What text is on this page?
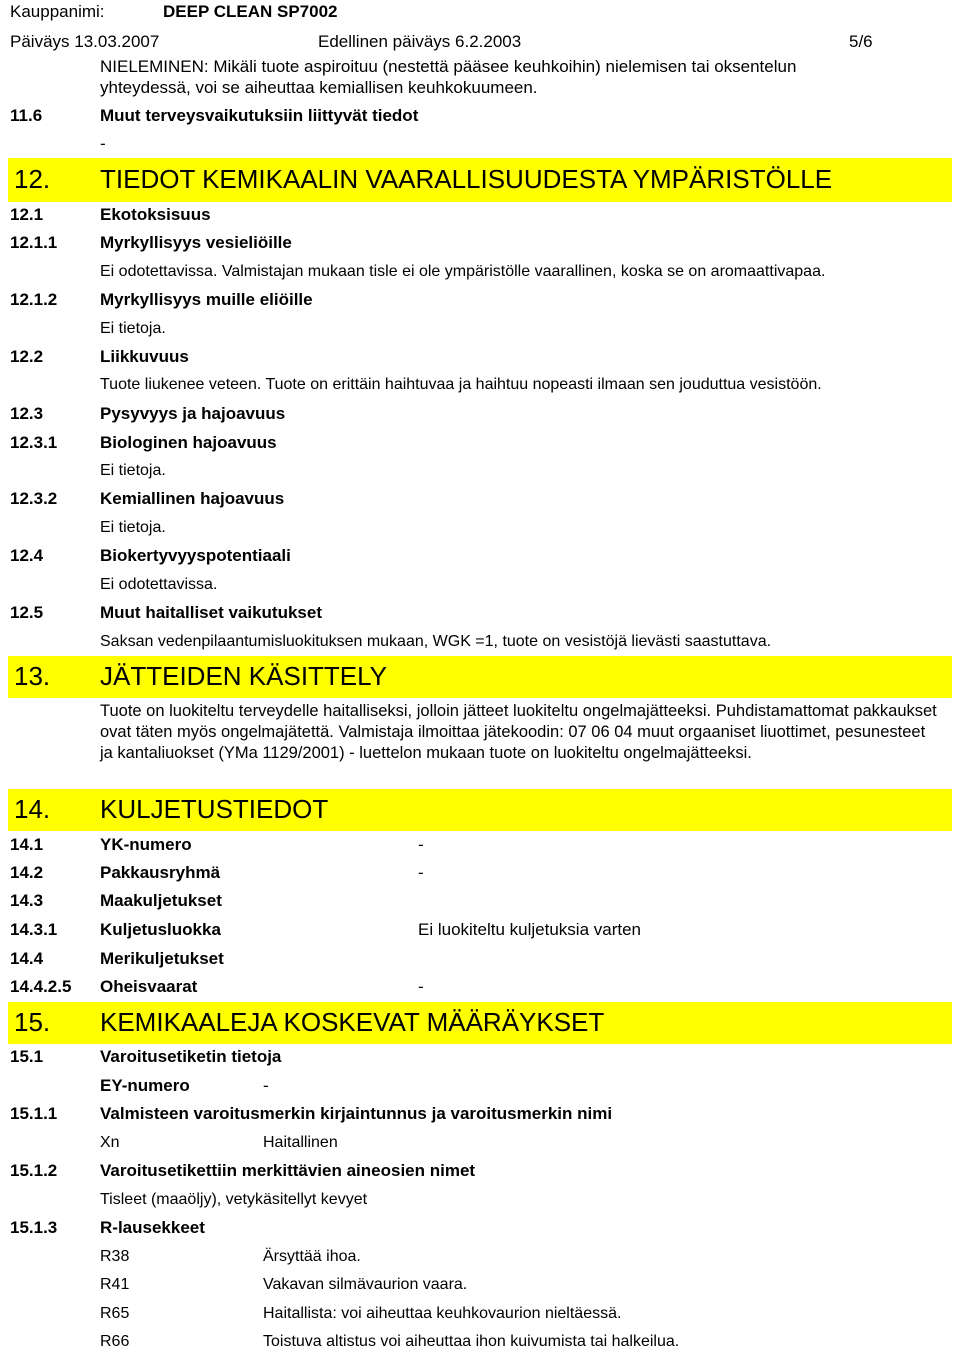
Kauppanimi:	DEEP CLEAN SP7002
Päiväys 13.03.2007	Edellinen päiväys 6.2.2003	5/6
NIELEMINEN: Mikäli tuote aspiroituu (nestettä pääsee keuhkoihin) nielemisen tai oksentelun yhteydessä, voi se aiheuttaa kemiallisen keuhkokuumeen.
11.6	Muut terveysvaikutuksiin liittyvät tiedot
-
12. TIEDOT KEMIKAALIN VAARALLISUUDESTA YMPÄRISTÖLLE
12.1	Ekotoksisuus
12.1.1	Myrkyllisyys vesieliöille
Ei odotettavissa. Valmistajan mukaan tisle ei ole ympäristölle vaarallinen, koska se on aromaattivapaa.
12.1.2	Myrkyllisyys muille eliöille
Ei tietoja.
12.2	Liikkuvuus
Tuote liukenee veteen. Tuote on erittäin haihtuvaa ja haihtuu nopeasti ilmaan sen jouduttua vesistöön.
12.3	Pysyvyys ja hajoavuus
12.3.1	Biologinen hajoavuus
Ei tietoja.
12.3.2	Kemiallinen hajoavuus
Ei tietoja.
12.4	Biokertyvyyspotentiaali
Ei odotettavissa.
12.5	Muut haitalliset vaikutukset
Saksan vedenpilaantumisluokituksen mukaan, WGK =1, tuote on vesistöjä lievästi saastuttava.
13. JÄTTEIDEN KÄSITTELY
Tuote on luokiteltu terveydelle haitalliseksi, jolloin jätteet luokiteltu ongelmajätteeksi. Puhdistamattomat pakkaukset ovat täten myös ongelmajätettä. Valmistaja ilmoittaa jätekoodin: 07 06 04 muut orgaaniset liuottimet, pesunesteet ja kantaliuokset (YMa 1129/2001) - luettelon mukaan tuote on luokiteltu ongelmajätteeksi.
14. KULJETUSTIEDOT
14.1	YK-numero	-
14.2	Pakkausryhmä	-
14.3	Maakuljetukset
14.3.1	Kuljetusluokka	Ei luokiteltu kuljetuksia varten
14.4	Merikuljetukset
14.4.2.5 Oheisvaarat	-
15. KEMIKAALEJA KOSKEVAT MÄÄRÄYKSET
15.1	Varoitusetiketin tietoja
EY-numero	-
15.1.1	Valmisteen varoitusmerkin kirjaintunnus ja varoitusmerkin nimi
Xn	Haitallinen
15.1.2	Varoitusetikettiin merkittävien aineosien nimet
Tisleet (maaöljy), vetykäsitellyt kevyet
15.1.3	R-lausekkeet
R38	Ärsyttää ihoa.
R41	Vakavan silmävaurion vaara.
R65	Haitallista: voi aiheuttaa keuhkovaurion nieltäessä.
R66	Toistuva altistus voi aiheuttaa ihon kuivumista tai halkeilua.
